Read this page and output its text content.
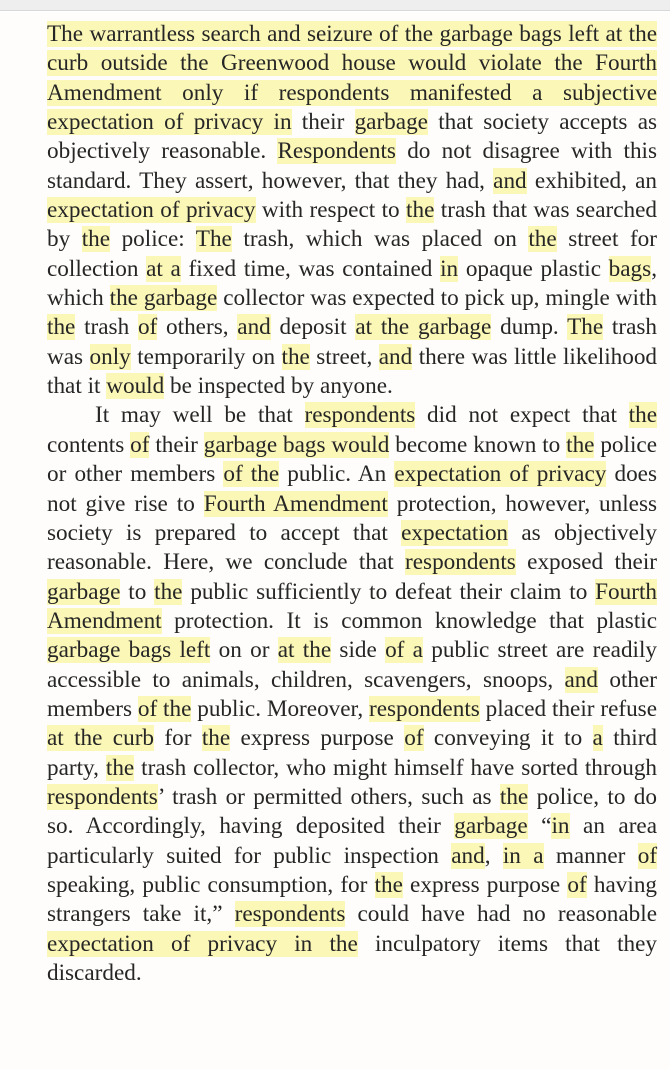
The warrantless search and seizure of the garbage bags left at the curb outside the Greenwood house would violate the Fourth Amendment only if respondents manifested a subjective expectation of privacy in their garbage that society accepts as objectively reasonable. Respondents do not disagree with this standard. They assert, however, that they had, and exhibited, an expectation of privacy with respect to the trash that was searched by the police: The trash, which was placed on the street for collection at a fixed time, was contained in opaque plastic bags, which the garbage collector was expected to pick up, mingle with the trash of others, and deposit at the garbage dump. The trash was only temporarily on the street, and there was little likelihood that it would be inspected by anyone.

It may well be that respondents did not expect that the contents of their garbage bags would become known to the police or other members of the public. An expectation of privacy does not give rise to Fourth Amendment protection, however, unless society is prepared to accept that expectation as objectively reasonable. Here, we conclude that respondents exposed their garbage to the public sufficiently to defeat their claim to Fourth Amendment protection. It is common knowledge that plastic garbage bags left on or at the side of a public street are readily accessible to animals, children, scavengers, snoops, and other members of the public. Moreover, respondents placed their refuse at the curb for the express purpose of conveying it to a third party, the trash collector, who might himself have sorted through respondents’ trash or permitted others, such as the police, to do so. Accordingly, having deposited their garbage “in an area particularly suited for public inspection and, in a manner of speaking, public consumption, for the express purpose of having strangers take it,” respondents could have had no reasonable expectation of privacy in the inculpatory items that they discarded.
